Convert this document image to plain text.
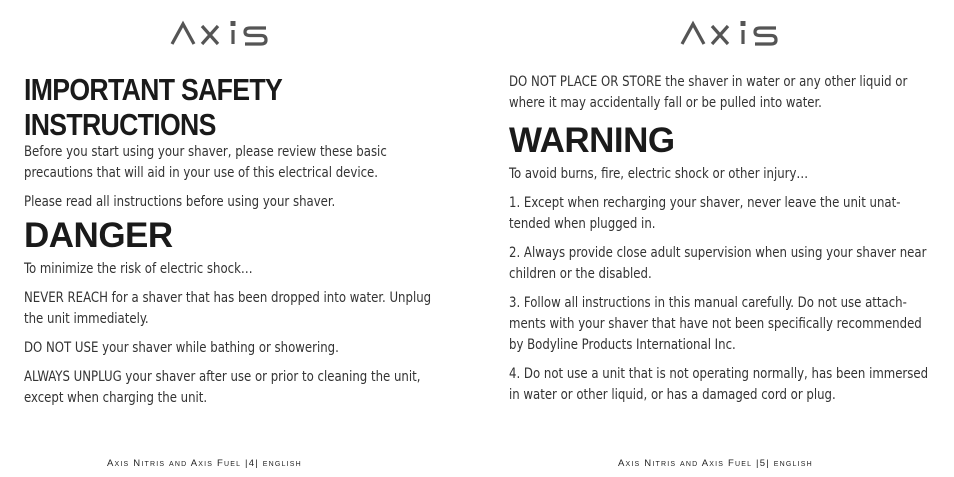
IMPORTANT SAFETY
INSTRUCTIONS

Before you start using your shaver, please review these basic precautions that will aid in your use of this electrical device.

Please read all instructions before using your shaver.

DANGER

To minimize the risk of electric shock…

NEVER REACH for a shaver that has been dropped into water. Unplug the unit immediately.

DO NOT USE your shaver while bathing or showering.

ALWAYS UNPLUG your shaver after use or prior to cleaning the unit, except when charging the unit.

Axis Nitris and Axis Fuel |4| english

DO NOT PLACE OR STORE the shaver in water or any other liquid or where it may accidentally fall or be pulled into water.

WARNING

To avoid burns, fire, electric shock or other injury…

1. Except when recharging your shaver, never leave the unit unat-tended when plugged in.

2. Always provide close adult supervision when using your shaver near children or the disabled.

3. Follow all instructions in this manual carefully. Do not use attach-ments with your shaver that have not been specifically recommended by Bodyline Products International Inc.

4. Do not use a unit that is not operating normally, has been immersed in water or other liquid, or has a damaged cord or plug.

Axis Nitris and Axis Fuel |5| english
